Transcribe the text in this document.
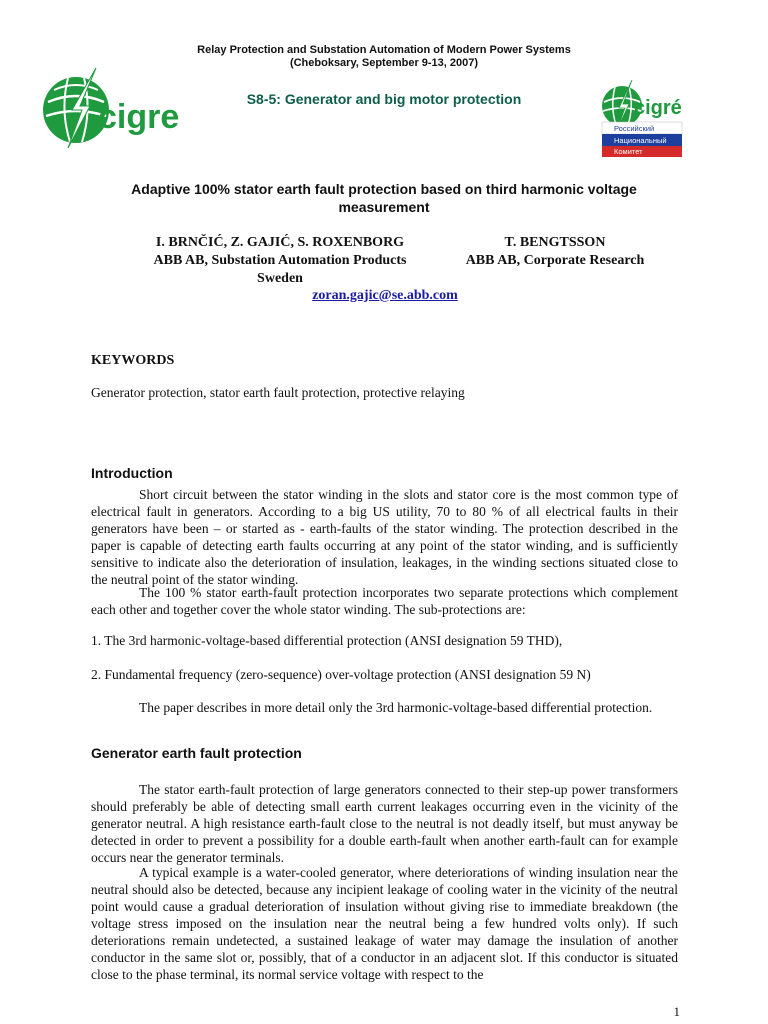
Relay Protection and Substation Automation of Modern Power Systems
(Cheboksary, September 9-13, 2007)
cigre	S8-5: Generator and big motor protection	cigré
Российский
Национальный
Комитет
Adaptive 100% stator earth fault protection based on third harmonic voltage measurement
I. BRNČIĆ, Z. GAJIĆ, S. ROXENBORG
ABB AB, Substation Automation Products
Sweden
T. BENGTSSON
ABB AB, Corporate Research
zoran.gajic@se.abb.com
KEYWORDS
Generator protection, stator earth fault protection, protective relaying
Introduction
Short circuit between the stator winding in the slots and stator core is the most common type of electrical fault in generators. According to a big US utility, 70 to 80 % of all electrical faults in their generators have been – or started as - earth-faults of the stator winding. The protection described in the paper is capable of detecting earth faults occurring at any point of the stator winding, and is sufficiently sensitive to indicate also the deterioration of insulation, leakages, in the winding sections situated close to the neutral point of the stator winding.
The 100 % stator earth-fault protection incorporates two separate protections which complement each other and together cover the whole stator winding. The sub-protections are:
1. The 3rd harmonic-voltage-based differential protection (ANSI designation 59 THD),
2. Fundamental frequency (zero-sequence) over-voltage protection (ANSI designation 59 N)
The paper describes in more detail only the 3rd harmonic-voltage-based differential protection.
Generator earth fault protection
The stator earth-fault protection of large generators connected to their step-up power transformers should preferably be able of detecting small earth current leakages occurring even in the vicinity of the generator neutral. A high resistance earth-fault close to the neutral is not deadly itself, but must anyway be detected in order to prevent a possibility for a double earth-fault when another earth-fault can for example occurs near the generator terminals.
A typical example is a water-cooled generator, where deteriorations of winding insulation near the neutral should also be detected, because any incipient leakage of cooling water in the vicinity of the neutral point would cause a gradual deterioration of insulation without giving rise to immediate breakdown (the voltage stress imposed on the insulation near the neutral being a few hundred volts only). If such deteriorations remain undetected, a sustained leakage of water may damage the insulation of another conductor in the same slot or, possibly, that of a conductor in an adjacent slot. If this conductor is situated close to the phase terminal, its normal service voltage with respect to the
1
